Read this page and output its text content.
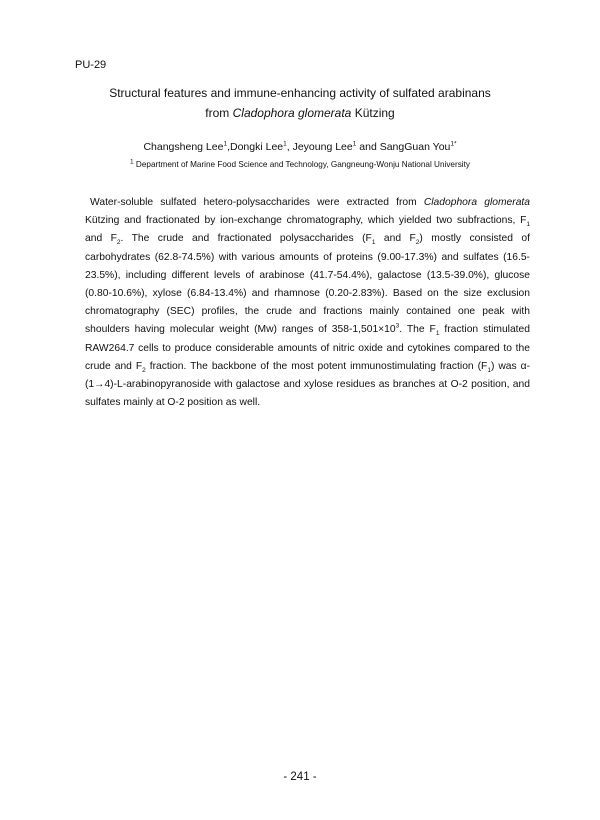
PU-29
Structural features and immune-enhancing activity of sulfated arabinans
from Cladophora glomerata Kützing
Changsheng Lee$^1$,Dongki Lee$^1$, Jeyoung Lee$^1$ and SangGuan You$^{1*}$
$^1$ Department of Marine Food Science and Technology, Gangneung-Wonju National University
Water-soluble sulfated hetero-polysaccharides were extracted from Cladophora glomerata Kützing and fractionated by ion-exchange chromatography, which yielded two subfractions, $F_1$ and $F_2$. The crude and fractionated polysaccharides ($F_1$ and $F_2$) mostly consisted of carbohydrates (62.8-74.5%) with various amounts of proteins (9.00-17.3%) and sulfates (16.5-23.5%), including different levels of arabinose (41.7-54.4%), galactose (13.5-39.0%), glucose (0.80-10.6%), xylose (6.84-13.4%) and rhamnose (0.20-2.83%). Based on the size exclusion chromatography (SEC) profiles, the crude and fractions mainly contained one peak with shoulders having molecular weight (Mw) ranges of $358-1,501\times 10^3$. The $F_1$ fraction stimulated RAW264.7 cells to produce considerable amounts of nitric oxide and cytokines compared to the crude and $F_2$ fraction. The backbone of the most potent immunostimulating fraction $(F_1)$ was α-(1→4)-L-arabinopyranoside with galactose and xylose residues as branches at O-2 position, and sulfates mainly at O-2 position as well.
- 241 -
